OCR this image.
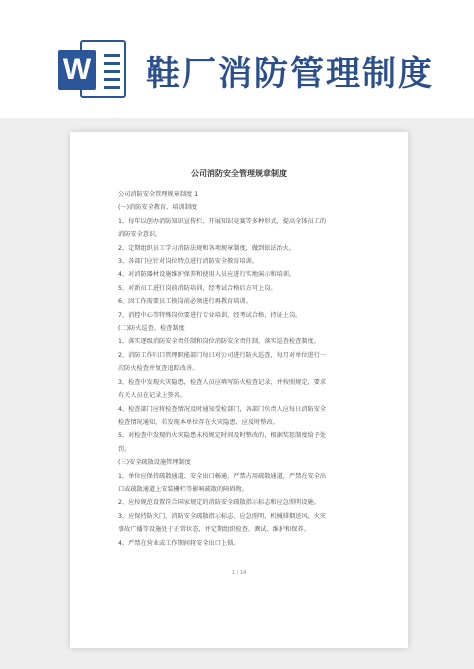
W 鞋厂消防管理制度
公司消防安全管理规章制度

公司消防安全管理规章制度 1

(一)消防安全教育、培训制度

1、每年以创办消防知识宣传栏、开展知识竞赛等多种形式，提高全体员工的

消防安全意识。

2、定期组织员工学习消防法规和各项规章制度，做到依法治火。

3、各部门应针对岗位特点进行消防安全教育培训。

4、对消防器材设施维护保养和使用人员应进行实地演示和培训。

5、对新员工进行岗前消防培训，经考试合格后方可上岗。

6、因工作需要员工换岗前必须进行再教育培训。

7、消控中心等特殊岗位要进行专业培训，经考试合格，持证上岗。

(二)防火巡查、检查制度

1、落实逐级消防安全责任制和岗位消防安全责任制，落实巡查检查制度。

2、消防工作归口管理职能部门每日对公司进行防火巡查，每月对单位进行一

次防火检查并复查追踪改善。

3、检查中发现火灾隐患，检查人员应填写防火检查记录，并按照规定，要求

有关人员在记录上签名。

4、检查部门应将检查情况及时通知受检部门，各部门负责人应每日消防安全

检查情况通知，若发现本单位存在火灾隐患，应及时整改。

5、对检查中发现的火灾隐患未按规定时间及时整改的，根据奖惩制度给予处

罚。

(三)安全疏散设施管理制度

1、单位应保持疏散通道、安全出口畅通，严禁占用疏散通道，严禁在安全出

口或疏散通道上安装栅栏等影响疏散的障碍物。

2、应按规范设置符合国家规定的消防安全疏散指示标志和应急照明设施。

3、应保持防火门、消防安全疏散指示标志、应急照明、机械排烟送风、火灾

事故广播等设施处于正常状态，并定期组织检查、测试、维护和保养。

4、严禁在营业或工作期间将安全出口上锁。

1 / 14
